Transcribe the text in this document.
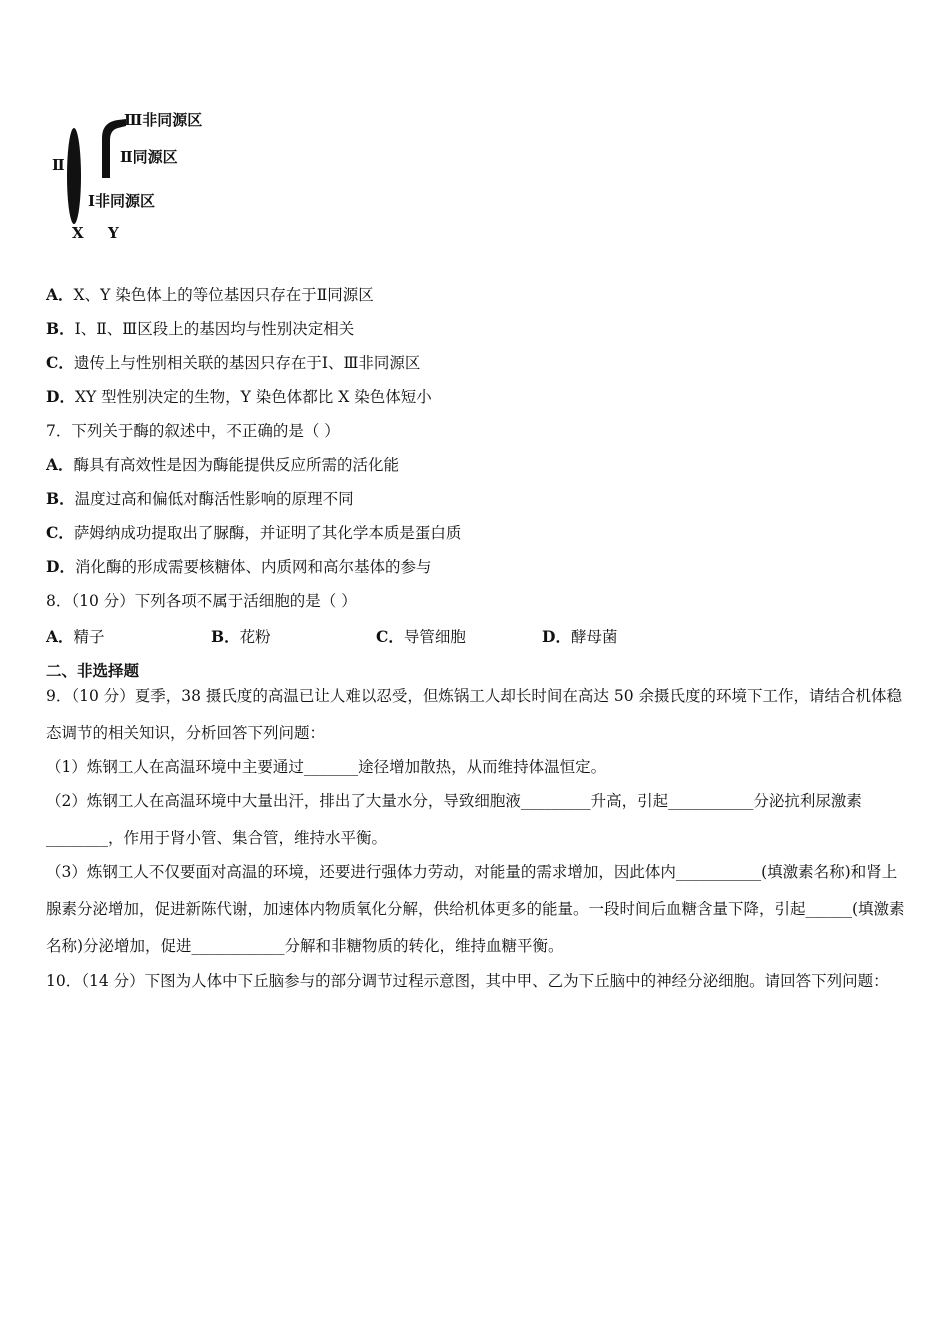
Ⅲ非同源区
Ⅱ同源区
Ⅰ非同源区
Ⅱ
X Y
A．X、Y 染色体上的等位基因只存在于Ⅱ同源区
B．Ⅰ、Ⅱ、Ⅲ区段上的基因均与性别决定相关
C．遗传上与性别相关联的基因只存在于Ⅰ、Ⅲ非同源区
D．XY 型性别决定的生物，Y 染色体都比 X 染色体短小
7．下列关于酶的叙述中，不正确的是（ ）
A．酶具有高效性是因为酶能提供反应所需的活化能
B．温度过高和偏低对酶活性影响的原理不同
C．萨姆纳成功提取出了脲酶，并证明了其化学本质是蛋白质
D．消化酶的形成需要核糖体、内质网和高尔基体的参与
8．（10 分）下列各项不属于活细胞的是（ ）
A．精子	B．花粉	C．导管细胞	D．酵母菌
二、非选择题
9．（10 分）夏季，38 摄氏度的高温已让人难以忍受，但炼锅工人却长时间在高达 50 余摄氏度的环境下工作，请结合机体稳态调节的相关知识，分析回答下列问题：
（1）炼钢工人在高温环境中主要通过_______途径增加散热，从而维持体温恒定。
（2）炼钢工人在高温环境中大量出汗，排出了大量水分，导致细胞液_________升高，引起___________分泌抗利尿激素________，作用于肾小管、集合管，维持水平衡。
（3）炼钢工人不仅要面对高温的环境，还要进行强体力劳动，对能量的需求增加，因此体内___________(填激素名称)和肾上腺素分泌增加，促进新陈代谢，加速体内物质氧化分解，供给机体更多的能量。一段时间后血糖含量下降，引起______(填激素名称)分泌增加，促进____________分解和非糖物质的转化，维持血糖平衡。
10．（14 分）下图为人体中下丘脑参与的部分调节过程示意图，其中甲、乙为下丘脑中的神经分泌细胞。请回答下列问题：
